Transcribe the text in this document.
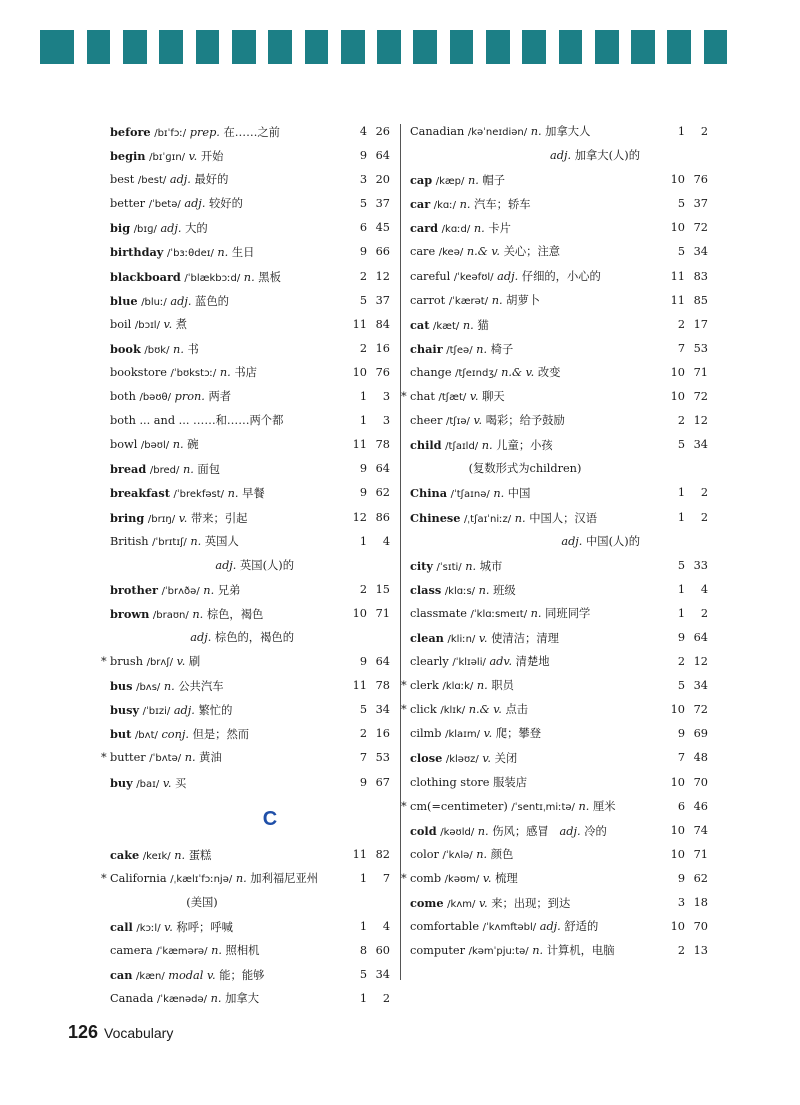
before /bɪˈfɔː/ prep. 在……之前	4 26
begin /bɪˈɡɪn/ v. 开始	9 64
best /best/ adj. 最好的	3 20
better /ˈbetə/ adj. 较好的	5 37
big /bɪɡ/ adj. 大的	6 45
birthday /ˈbɜːθdeɪ/ n. 生日	9 66
blackboard /ˈblækbɔːd/ n. 黑板	2 12
blue /bluː/ adj. 蓝色的	5 37
boil /bɔɪl/ v. 煮	11 84
book /bʊk/ n. 书	2 16
bookstore /ˈbʊkstɔː/ n. 书店	10 76
both /bəʊθ/ pron. 两者	1	3
both ... and ... ……和……两个都	1	3
bowl /bəʊl/ n. 碗	11 78
bread /bred/ n. 面包	9 64
breakfast /ˈbrekfəst/ n. 早餐	9 62
bring /brɪŋ/ v. 带来；引起	12 86
British /ˈbrɪtɪʃ/ n. 英国人	1	4
adj. 英国(人)的
brother /ˈbrʌðə/ n. 兄弟	2 15
brown /braʊn/ n. 棕色，褐色	10 71
adj. 棕色的，褐色的
* brush /brʌʃ/ v. 刷	9 64
bus /bʌs/ n. 公共汽车	11 78
busy /ˈbɪzi/ adj. 繁忙的	5 34
but /bʌt/ conj. 但是；然而	2 16
* butter /ˈbʌtə/ n. 黄油	7 53
buy /baɪ/ v. 买	9 67
C
cake /keɪk/ n. 蛋糕	11 82
* California /ˌkælɪˈfɔːnjə/ n. 加利福尼亚州	1	7
(美国)
call /kɔːl/ v. 称呼；呼喊	1	4
camera /ˈkæmərə/ n. 照相机	8 60
can /kæn/ modal v. 能；能够	5 34
Canada /ˈkænədə/ n. 加拿大	1	2
Canadian /kəˈneɪdiən/ n. 加拿大人	1	2
adj. 加拿大(人)的
cap /kæp/ n. 帽子	10 76
car /kɑː/ n. 汽车；轿车	5 37
card /kɑːd/ n. 卡片	10 72
care /keə/ n.& v. 关心；注意	5 34
careful /ˈkeəfʊl/ adj. 仔细的，小心的	11 83
carrot /ˈkærət/ n. 胡萝卜	11 85
cat /kæt/ n. 猫	2 17
chair /tʃeə/ n. 椅子	7 53
change /tʃeɪndʒ/ n.& v. 改变	10 71
* chat /tʃæt/ v. 聊天	10 72
cheer /tʃɪə/ v. 喝彩；给予鼓励	2 12
child /tʃaɪld/ n. 儿童；小孩	5 34
(复数形式为children)
China /ˈtʃaɪnə/ n. 中国	1	2
Chinese /ˌtʃaɪˈniːz/ n. 中国人；汉语	1	2
adj. 中国(人)的
city /ˈsɪti/ n. 城市	5 33
class /klɑːs/ n. 班级	1	4
classmate /ˈklɑːsmeɪt/ n. 同班同学	1	2
clean /kliːn/ v. 使清洁；清理	9 64
clearly /ˈklɪəli/ adv. 清楚地	2 12
* clerk /klɑːk/ n. 职员	5 34
* click /klɪk/ n.& v. 点击	10 72
cilmb /klaɪm/ v. 爬；攀登	9 69
close /kləʊz/ v. 关闭	7 48
clothing store 服装店	10 70
* cm(=centimeter) /ˈsentɪˌmiːtə/ n. 厘米	6 46
cold /kəʊld/ n. 伤风；感冒 adj. 冷的	10 74
color /ˈkʌlə/ n. 颜色	10 71
* comb /kəʊm/ v. 梳理	9 62
come /kʌm/ v. 来；出现；到达	3 18
comfortable /ˈkʌmftəbl/ adj. 舒适的	10 70
computer /kəmˈpjuːtə/ n. 计算机，电脑	2 13
126 Vocabulary
